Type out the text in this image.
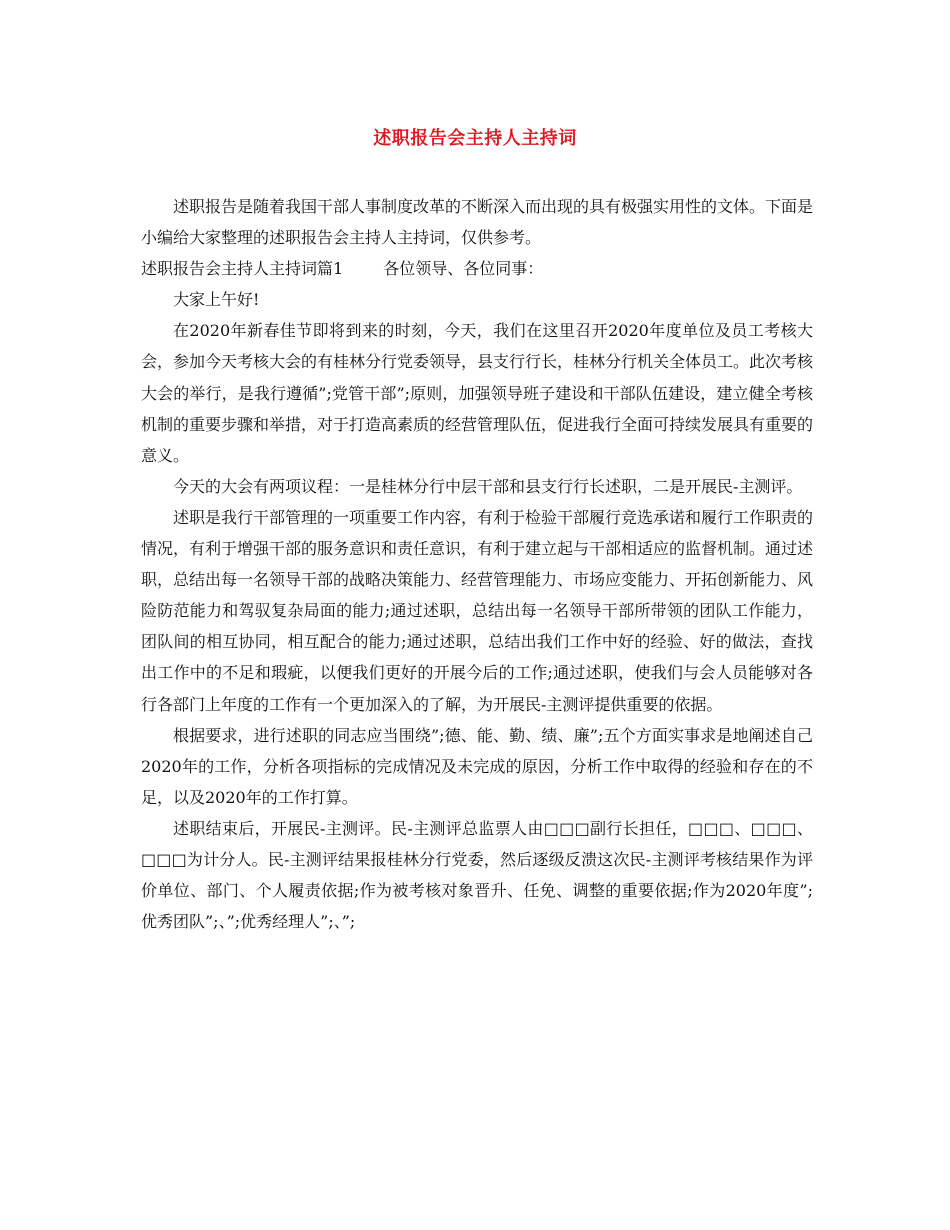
述职报告会主持人主持词

述职报告是随着我国干部人事制度改革的不断深入而出现的具有极强实用性的文体。下面是小编给大家整理的述职报告会主持人主持词，仅供参考。

述职报告会主持人主持词篇1	各位领导、各位同事：

大家上午好!

在2020年新春佳节即将到来的时刻，今天，我们在这里召开2020年度单位及员工考核大会，参加今天考核大会的有桂林分行党委领导，县支行行长，桂林分行机关全体员工。此次考核大会的举行，是我行遵循”;党管干部”;原则，加强领导班子建设和干部队伍建设，建立健全考核机制的重要步骤和举措，对于打造高素质的经营管理队伍，促进我行全面可持续发展具有重要的意义。

今天的大会有两项议程：一是桂林分行中层干部和县支行行长述职，二是开展民-主测评。

述职是我行干部管理的一项重要工作内容，有利于检验干部履行竞选承诺和履行工作职责的情况，有利于增强干部的服务意识和责任意识，有利于建立起与干部相适应的监督机制。通过述职，总结出每一名领导干部的战略决策能力、经营管理能力、市场应变能力、开拓创新能力、风险防范能力和驾驭复杂局面的能力;通过述职，总结出每一名领导干部所带领的团队工作能力，团队间的相互协同，相互配合的能力;通过述职，总结出我们工作中好的经验、好的做法，查找出工作中的不足和瑕疵，以便我们更好的开展今后的工作;通过述职，使我们与会人员能够对各行各部门上年度的工作有一个更加深入的了解，为开展民-主测评提供重要的依据。

根据要求，进行述职的同志应当围绕”;德、能、勤、绩、廉”;五个方面实事求是地阐述自己2020年的工作，分析各项指标的完成情况及未完成的原因，分析工作中取得的经验和存在的不足，以及2020年的工作打算。

述职结束后，开展民-主测评。民-主测评总监票人由□□□副行长担任，□□□、□□□、□□□为计分人。民-主测评结果报桂林分行党委，然后逐级反溃这次民-主测评考核结果作为评价单位、部门、个人履责依据;作为被考核对象晋升、任免、调整的重要依据;作为2020年度”;优秀团队”;、”;优秀经理人”;、”;
